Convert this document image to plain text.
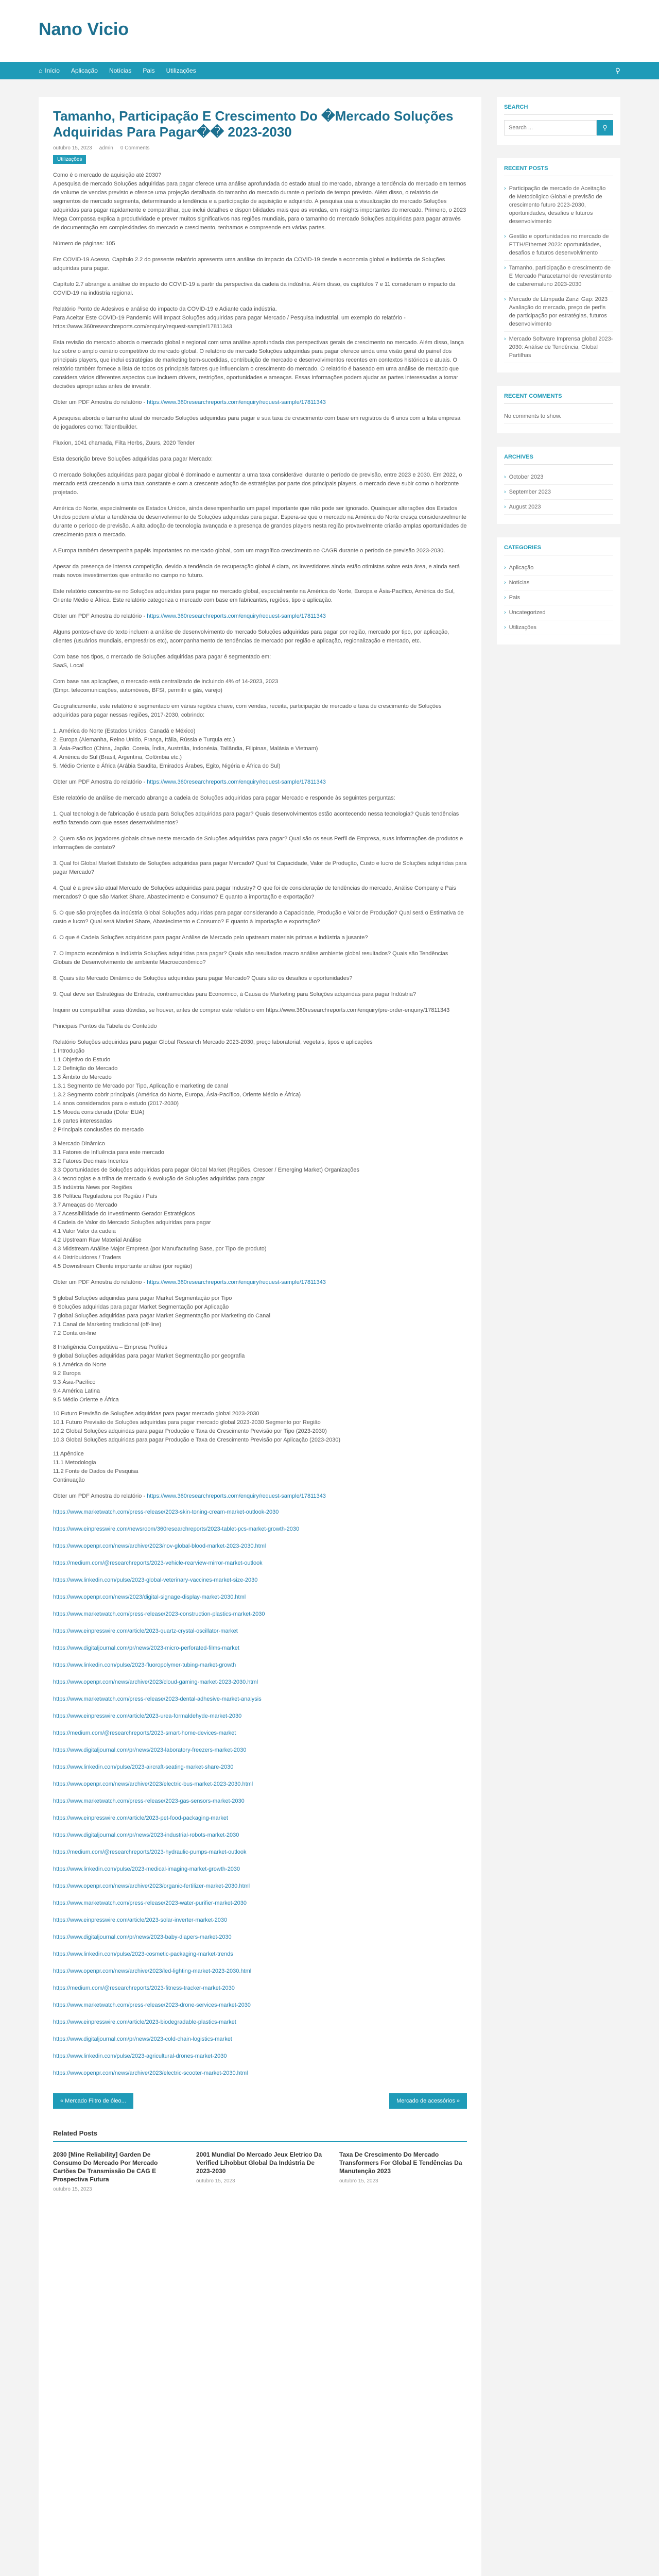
Nano Vicio
⌂ Início Aplicação Notícias Pais Utilizações	⚲
Tamanho, Participação E Crescimento Do �Mercado Soluções Adquiridas Para Pagar�� 2023-2030
outubro 15, 2023 admin 0 Comments
Utilizações
Como é o mercado de aquisição até 2030?

A pesquisa de mercado Soluções adquiridas para pagar oferece uma análise aprofundada do estado atual do mercado, abrange a tendência do mercado em termos de volume de vendas previsto e oferece uma projeção detalhada do tamanho do mercado durante o período de tempo previsto. Além disso, o relatório de segmentos de mercado segmenta, determinando a tendência e a participação de aquisição e adquirido. A pesquisa usa a visualização do mercado Soluções adquiridas para pagar rapidamente e compartilhar, que inclui detalhes e disponibilidades mais que as vendas, em insights importantes do mercado. Primeiro, o 2023 Mega Compassa explica a produtividade e prever muitos significativos nas regiões mundiais, para o tamanho do mercado Soluções adquiridas para pagar através de documentação em complexidades do mercado e crescimento, tenhamos e compreende em várias partes.

Número de páginas: 105

Em COVID-19 Acesso, Capítulo 2.2 do presente relatório apresenta uma análise do impacto da COVID-19 desde a economia global e indústria de Soluções adquiridas para pagar.

Capítulo 2.7 abrange a análise do impacto do COVID-19 a partir da perspectiva da cadeia da indústria. Além disso, os capítulos 7 e 11 consideram o impacto da COVID-19 na indústria regional.

Relatório Ponto de Adesivos e análise do impacto da COVID-19 e Adiante cada indústria.

Para Aceitar Este COVID-19 Pandemic Will Impact Soluções adquiridas para pagar Mercado / Pesquisa Industrial, um exemplo do relatório - https://www.360researchreports.com/enquiry/request-sample/17811343

Esta revisão do mercado aborda o mercado global e regional com uma análise aprofundada das perspectivas gerais de crescimento no mercado. Além disso, lança luz sobre o amplo cenário competitivo do mercado global. O relatório de mercado Soluções adquiridas para pagar oferece ainda uma visão geral do painel dos principais players, que inclui estratégias de marketing bem-sucedidas, contribuição de mercado e desenvolvimentos recentes em contextos históricos e atuais. O relatório também fornece a lista de todos os principais fatores que influenciam o crescimento do mercado. O relatório é baseado em uma análise de mercado que considera vários diferentes aspectos que incluem drivers, restrições, oportunidades e ameaças. Essas informações podem ajudar as partes interessadas a tomar decisões apropriadas antes de investir.

Obter um PDF Amostra do relatório - https://www.360researchreports.com/enquiry/request-sample/17811343

A pesquisa aborda o tamanho atual do mercado Soluções adquiridas para pagar e sua taxa de crescimento com base em registros de 6 anos com a lista empresa de jogadores como: Talentbuilder.

Fluxion, 1041 chamada, Filta Herbs, Zuurs, 2020 Tender

Esta descrição breve Soluções adquiridas para pagar Mercado:

O mercado Soluções adquiridas para pagar global é dominado e aumentar a uma taxa considerável durante o período de previsão, entre 2023 e 2030. Em 2022, o mercado está crescendo a uma taxa constante e com a crescente adoção de estratégias por parte dos principais players, o mercado deve subir como o horizonte projetado.

América do Norte, especialmente os Estados Unidos, ainda desempenharão um papel importante que não pode ser ignorado. Quaisquer alterações dos Estados Unidos podem afetar a tendência de desenvolvimento de Soluções adquiridas para pagar. Espera-se que o mercado na América do Norte cresça consideravelmente durante o período de previsão. A alta adoção de tecnologia avançada e a presença de grandes players nesta região provavelmente criarão amplas oportunidades de crescimento para o mercado.

A Europa também desempenha papéis importantes no mercado global, com um magnífico crescimento no CAGR durante o período de previsão 2023-2030.

Apesar da presença de intensa competição, devido a tendência de recuperação global é clara, os investidores ainda estão otimistas sobre esta área, e ainda será mais novos investimentos que entrarão no campo no futuro.

Este relatório concentra-se no Soluções adquiridas para pagar no mercado global, especialmente na América do Norte, Europa e Ásia-Pacífico, América do Sul, Oriente Médio e África. Este relatório categoriza o mercado com base em fabricantes, regiões, tipo e aplicação.

Obter um PDF Amostra do relatório - https://www.360researchreports.com/enquiry/request-sample/17811343

Alguns pontos-chave do texto incluem a análise de desenvolvimento do mercado Soluções adquiridas para pagar por região, mercado por tipo, por aplicação, clientes (usuários mundiais, empresários etc), acompanhamento de tendências de mercado por região e aplicação, regionalização e mercado, etc.

Com base nos tipos, o mercado de Soluções adquiridas para pagar é segmentado em:

SaaS, Local

Com base nas aplicações, o mercado está centralizado de incluindo 4% of 14-2023, 2023

(Empr. telecomunicações, automóveis, BFSI, permitir e gás, varejo)

Geograficamente, este relatório é segmentado em várias regiões chave, com vendas, receita, participação de mercado e taxa de crescimento de Soluções adquiridas para pagar nessas regiões, 2017-2030, cobrindo:

1. América do Norte (Estados Unidos, Canadá e México)
2. Europa (Alemanha, Reino Unido, França, Itália, Rússia e Turquia etc.)
3. Ásia-Pacífico (China, Japão, Coreia, Índia, Austrália, Indonésia, Tailândia, Filipinas, Malásia e Vietnam)
4. América do Sul (Brasil, Argentina, Colômbia etc.)
5. Médio Oriente e África (Arábia Saudita, Emirados Árabes, Egito, Nigéria e África do Sul)
Obter um PDF Amostra do relatório - https://www.360researchreports.com/enquiry/request-sample/17811343

Este relatório de análise de mercado abrange a cadeia de Soluções adquiridas para pagar Mercado e responde às seguintes perguntas:

1. Qual tecnologia de fabricação é usada para Soluções adquiridas para pagar? Quais desenvolvimentos estão acontecendo nessa tecnologia? Quais tendências estão fazendo com que esses desenvolvimentos?

2. Quem são os jogadores globais chave neste mercado de Soluções adquiridas para pagar? Qual são os seus Perfil de Empresa, suas informações de produtos e informações de contato?

3. Qual foi Global Market Estatuto de Soluções adquiridas para pagar Mercado? Qual foi Capacidade, Valor de Produção, Custo e lucro de Soluções adquiridas para pagar Mercado?

4. Qual é a previsão atual Mercado de Soluções adquiridas para pagar Industry? O que foi de consideração de tendências do mercado, Análise Company e Pais mercados? O que são Market Share, Abastecimento e Consumo? E quanto a importação e exportação?

5. O que são projeções da indústria Global Soluções adquiridas para pagar considerando a Capacidade, Produção e Valor de Produção? Qual será o Estimativa de custo e lucro? Qual será Market Share, Abastecimento e Consumo? E quanto à importação e exportação?

6. O que é Cadeia Soluções adquiridas para pagar Análise de Mercado pelo upstream materiais primas e indústria a jusante?

7. O impacto econômico a Indústria Soluções adquiridas para pagar? Quais são resultados macro análise ambiente global resultados? Quais são Tendências Globais de Desenvolvimento de ambiente Macroeconômico?

8. Quais são Mercado Dinâmico de Soluções adquiridas para pagar Mercado? Quais são os desafios e oportunidades?

9. Qual deve ser Estratégias de Entrada, contramedidas para Economico, à Causa de Marketing para Soluções adquiridas para pagar Indústria?

Inquirir ou compartilhar suas dúvidas, se houver, antes de comprar este relatório em https://www.360researchreports.com/enquiry/pre-order-enquiry/17811343

Principais Pontos da Tabela de Conteúdo

Relatório Soluções adquiridas para pagar Global Research Mercado 2023-2030, preço laboratorial, vegetais, tipos e aplicações
1 Introdução
1.1 Objetivo do Estudo
1.2 Definição do Mercado
1.3 Âmbito do Mercado
1.3.1 Segmento de Mercado por Tipo, Aplicação e marketing de canal
1.3.2 Segmento cobrir principais (América do Norte, Europa, Ásia-Pacífico, Oriente Médio e África)
1.4 anos considerados para o estudo (2017-2030)
1.5 Moeda considerada (Dólar EUA)
1.6 partes interessadas
2 Principais conclusões do mercado
3 Mercado Dinâmico
3.1 Fatores de Influência para este mercado
3.2 Fatores Decimais Incertos
3.3 Oportunidades de Soluções adquiridas para pagar Global Market (Regiões, Crescer / Emerging Market) Organizações
3.4 tecnologias e a trilha de mercado & evolução de Soluções adquiridas para pagar
3.5 Indústria News por Regiões
3.6 Política Reguladora por Região / País
3.7 Ameaças do Mercado
3.7 Acessibilidade do Investimento Gerador Estratégicos
4 Cadeia de Valor do Mercado Soluções adquiridas para pagar
4.1 Valor Valor da cadeia
4.2 Upstream Raw Material Análise
4.3 Midstream Análise Major Empresa (por Manufacturing Base, por Tipo de produto)
4.4 Distribuidores / Traders
4.5 Downstream Cliente importante análise (por região)
Obter um PDF Amostra do relatório - https://www.360researchreports.com/enquiry/request-sample/17811343
5 global Soluções adquiridas para pagar Market Segmentação por Tipo
6 Soluções adquiridas para pagar Market Segmentação por Aplicação
7 global Soluções adquiridas para pagar Market Segmentação por Marketing do Canal
7.1 Canal de Marketing tradicional (off-line)
7.2 Conta on-line
8 Inteligência Competitiva – Empresa Profiles
9 global Soluções adquiridas para pagar Market Segmentação por geografia
9.1 América do Norte
9.2 Europa
9.3 Ásia-Pacífico
9.4 América Latina
9.5 Médio Oriente e África
10 Futuro Previsão de Soluções adquiridas para pagar mercado global 2023-2030
10.1 Futuro Previsão de Soluções adquiridas para pagar mercado global 2023-2030 Segmento por Região
10.2 Global Soluções adquiridas para pagar Produção e Taxa de Crescimento Previsão por Tipo (2023-2030)
10.3 Global Soluções adquiridas para pagar Produção e Taxa de Crescimento Previsão por Aplicação (2023-2030)
11 Apêndice
11.1 Metodologia
11.2 Fonte de Dados de Pesquisa
Continuação
Obter um PDF Amostra do relatório - https://www.360researchreports.com/enquiry/request-sample/17811343
https://www.marketwatch.com/press-release/2023-skin-toning-cream-market-outlook-2030
https://www.einpresswire.com/newsroom/360researchreports/2023-tablet-pcs-market-growth-2030
https://www.openpr.com/news/archive/2023/nov-global-blood-market-2023-2030.html
https://medium.com/@researchreports/2023-vehicle-rearview-mirror-market-outlook
https://www.linkedin.com/pulse/2023-global-veterinary-vaccines-market-size-2030
https://www.openpr.com/news/2023/digital-signage-display-market-2030.html
https://www.marketwatch.com/press-release/2023-construction-plastics-market-2030
https://www.einpresswire.com/article/2023-quartz-crystal-oscillator-market
https://www.digitaljournal.com/pr/news/2023-micro-perforated-films-market
https://www.linkedin.com/pulse/2023-fluoropolymer-tubing-market-growth
https://www.openpr.com/news/archive/2023/cloud-gaming-market-2023-2030.html
https://www.marketwatch.com/press-release/2023-dental-adhesive-market-analysis
https://www.einpresswire.com/article/2023-urea-formaldehyde-market-2030
https://medium.com/@researchreports/2023-smart-home-devices-market
https://www.digitaljournal.com/pr/news/2023-laboratory-freezers-market-2030
https://www.linkedin.com/pulse/2023-aircraft-seating-market-share-2030
https://www.openpr.com/news/archive/2023/electric-bus-market-2023-2030.html
https://www.marketwatch.com/press-release/2023-gas-sensors-market-2030
https://www.einpresswire.com/article/2023-pet-food-packaging-market
https://www.digitaljournal.com/pr/news/2023-industrial-robots-market-2030
https://medium.com/@researchreports/2023-hydraulic-pumps-market-outlook
https://www.linkedin.com/pulse/2023-medical-imaging-market-growth-2030
https://www.openpr.com/news/archive/2023/organic-fertilizer-market-2030.html
https://www.marketwatch.com/press-release/2023-water-purifier-market-2030
https://www.einpresswire.com/article/2023-solar-inverter-market-2030
https://www.digitaljournal.com/pr/news/2023-baby-diapers-market-2030
https://www.linkedin.com/pulse/2023-cosmetic-packaging-market-trends
https://www.openpr.com/news/archive/2023/led-lighting-market-2023-2030.html
https://medium.com/@researchreports/2023-fitness-tracker-market-2030
https://www.marketwatch.com/press-release/2023-drone-services-market-2030
https://www.einpresswire.com/article/2023-biodegradable-plastics-market
https://www.digitaljournal.com/pr/news/2023-cold-chain-logistics-market
https://www.linkedin.com/pulse/2023-agricultural-drones-market-2030
https://www.openpr.com/news/archive/2023/electric-scooter-market-2030.html
« Mercado Filtro de óleo...	Mercado de acessórios »
Related Posts
2030 [Mine Reliability] Garden De Consumo Do Mercado Por Mercado Cartões De Transmissão De CAG E Prospectiva Futura
outubro 15, 2023
2001 Mundial Do Mercado Jeux Eletrico Da Verified Líhobbut Global Da Indústria De 2023-2030
outubro 15, 2023
Taxa De Crescimento Do Mercado Transformers For Global E Tendências Da Manutenção 2023
outubro 15, 2023
SEARCH
Search ...
⚲
RECENT POSTS
› Participação de mercado de Aceitação de Metodoligico Global e previsão de crescimento futuro 2023-2030, oportunidades, desafios e futuros desenvolvimento
› Gestão e oportunidades no mercado de FTTH/Ethernet 2023: oportunidades, desafios e futuros desenvolvimento
› Tamanho, participação e crescimento de E Mercado Paracetamol de revestimento de caberemaluno 2023-2030
› Mercado de Lâmpada Zanzi Gap: 2023 Avaliação do mercado, preço de perfis de participação por estratégias, futuros desenvolvimento
› Mercado Software Imprensa global 2023-2030: Análise de Tendência, Global Partilhas
RECENT COMMENTS
No comments to show.
ARCHIVES
› October 2023
› September 2023
› August 2023
CATEGORIES
› Aplicação
› Notícias
› Pais
› Uncategorized
› Utilizações
